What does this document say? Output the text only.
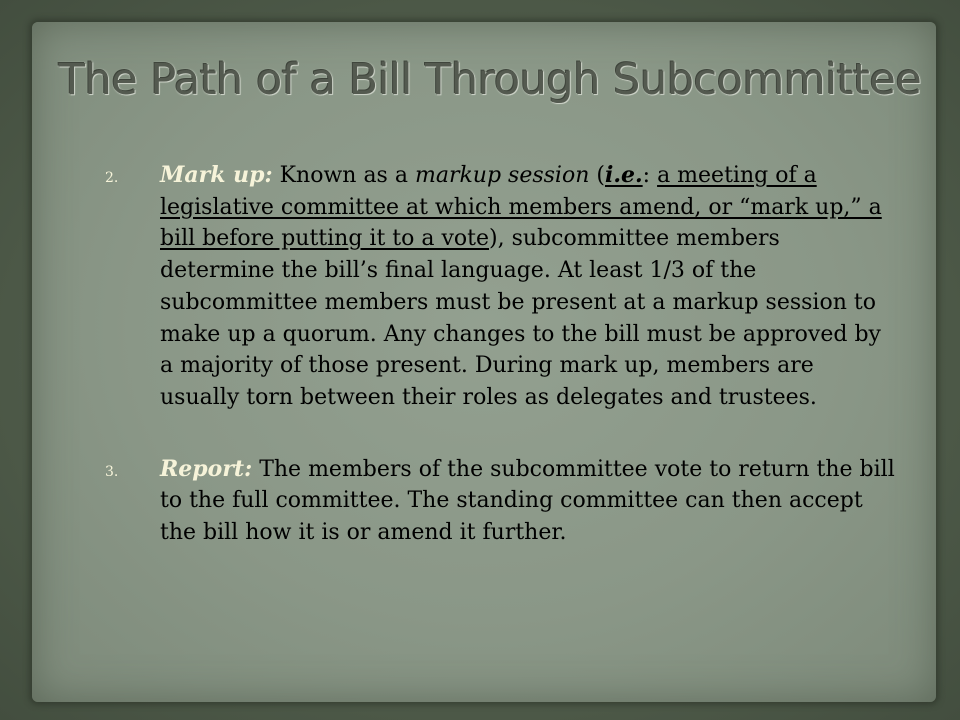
The Path of a Bill Through Subcommittee
2. Mark up: Known as a markup session (i.e.: a meeting of a legislative committee at which members amend, or “mark up,” a bill before putting it to a vote), subcommittee members determine the bill’s final language. At least 1/3 of the subcommittee members must be present at a markup session to make up a quorum. Any changes to the bill must be approved by a majority of those present. During mark up, members are usually torn between their roles as delegates and trustees.
3. Report: The members of the subcommittee vote to return the bill to the full committee. The standing committee can then accept the bill how it is or amend it further.
